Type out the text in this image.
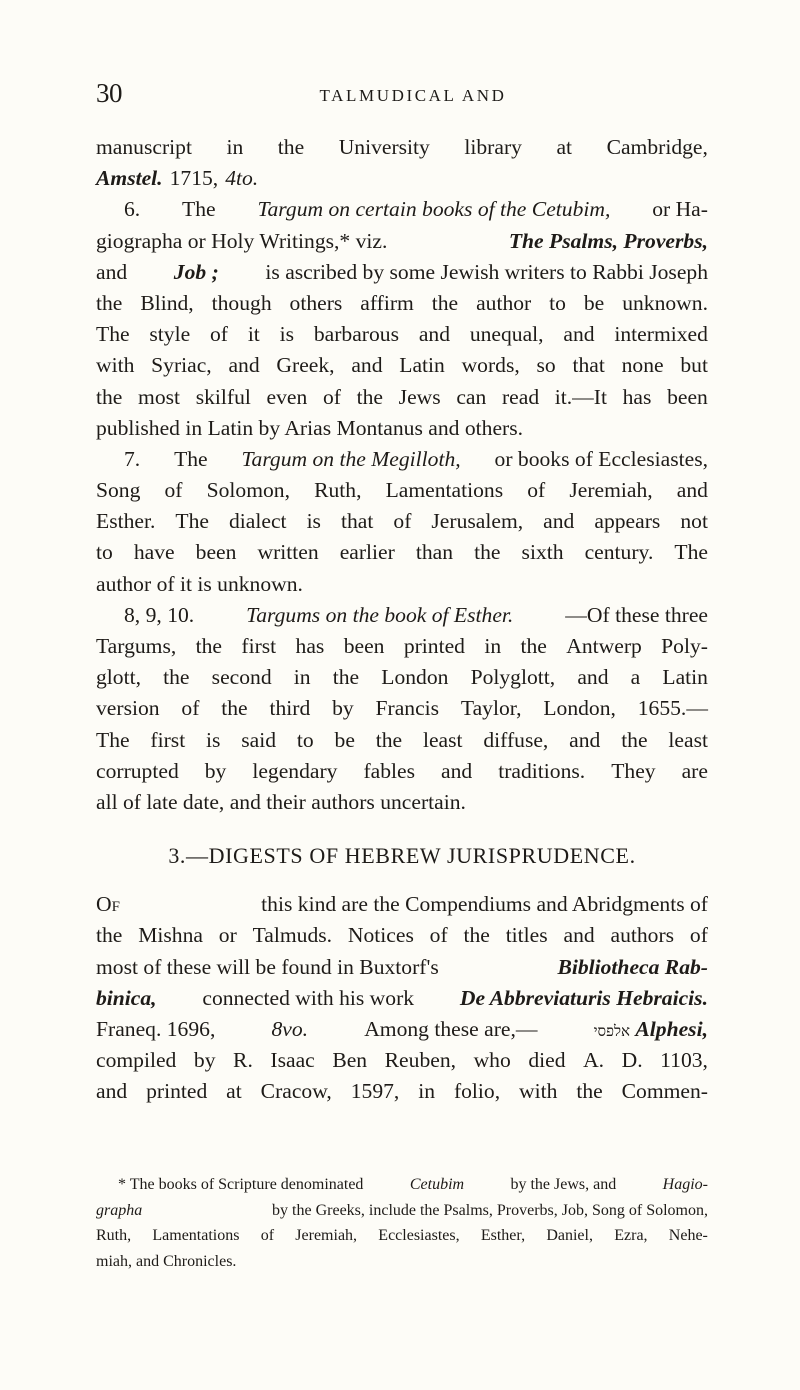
30	TALMUDICAL AND
manuscript in the University library at Cambridge,
Amstel. 1715, 4to.
6. The Targum on certain books of the Cetubim, or Ha-
giographa or Holy Writings,* viz.	The Psalms, Proverbs,
and Job ; is ascribed by some Jewish writers to Rabbi Joseph
the Blind, though others affirm the author to be unknown.
The style of it is barbarous and unequal, and intermixed
with Syriac, and Greek, and Latin words, so that none but
the most skilful even of the Jews can read it.—It has been
published in Latin by Arias Montanus and others.
7. The Targum on the Megilloth, or books of Ecclesiastes,
Song of Solomon, Ruth, Lamentations of Jeremiah, and
Esther. The dialect is that of Jerusalem, and appears not
to have been written earlier than the sixth century. The
author of it is unknown.
8, 9, 10. Targums on the book of Esther. —Of these three
Targums, the first has been printed in the Antwerp Poly-
glott, the second in the London Polyglott, and a Latin
version of the third by Francis Taylor, London, 1655.—
The first is said to be the least diffuse, and the least
corrupted by legendary fables and traditions. They are
all of late date, and their authors uncertain.
3.—DIGESTS OF HEBREW JURISPRUDENCE.
Of	this kind are the Compendiums and Abridgments of
the Mishna or Talmuds. Notices of the titles and authors of
most of these will be found in Buxtorf's	Bibliotheca Rab-
binica, connected with his work De Abbreviaturis Hebraicis.
Franeq. 1696,	8vo.	Among these are,—	אלפסי Alphesi,
compiled by R. Isaac Ben Reuben, who died A. D. 1103,
and printed at Cracow, 1597, in folio, with the Commen-
* The books of Scripture denominated	Cetubim	by the Jews, and	Hagio-
grapha	by the Greeks, include the Psalms, Proverbs, Job, Song of Solomon,
Ruth, Lamentations of Jeremiah, Ecclesiastes, Esther, Daniel, Ezra, Nehe-
miah, and Chronicles.
